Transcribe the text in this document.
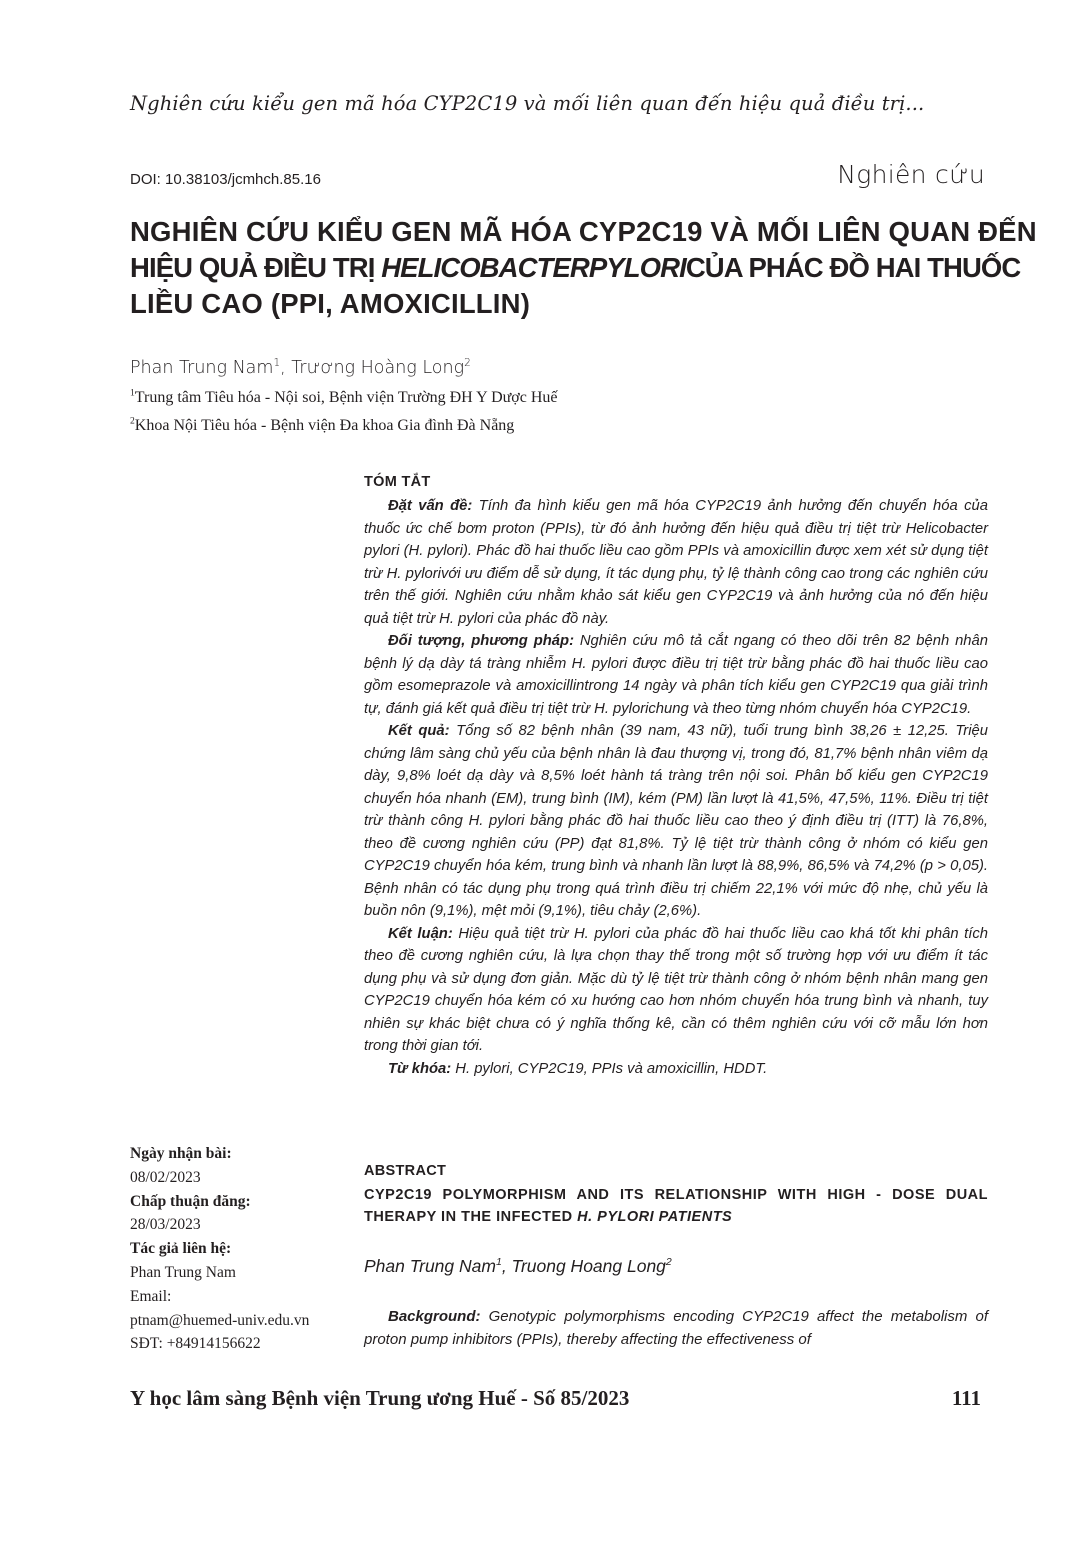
Nghiên cứu kiểu gen mã hóa CYP2C19 và mối liên quan đến hiệu quả điều trị...
DOI: 10.38103/jcmhch.85.16	Nghiên cứu
NGHIÊN CỨU KIỂU GEN MÃ HÓA CYP2C19 VÀ MỐI LIÊN QUAN ĐẾN
HIỆU QUẢ ĐIỀU TRỊ HELICOBACTERPYLORICỦA PHÁC ĐỒ HAI THUỐC
LIỀU CAO (PPI, AMOXICILLIN)
Phan Trung Nam$^1$, Trương Hoàng Long$^2$
$^1$Trung tâm Tiêu hóa - Nội soi, Bệnh viện Trường ĐH Y Dược Huế
$^2$Khoa Nội Tiêu hóa - Bệnh viện Đa khoa Gia đình Đà Nẵng
TÓM TẮT

Đặt vấn đề: Tính đa hình kiểu gen mã hóa CYP2C19 ảnh hưởng đến chuyển hóa của thuốc ức chế bơm proton (PPIs), từ đó ảnh hưởng đến hiệu quả điều trị tiệt trừ Helicobacter pylori (H. pylori). Phác đồ hai thuốc liều cao gồm PPIs và amoxicillin được xem xét sử dụng tiệt trừ H. pylorivới ưu điểm dễ sử dụng, ít tác dụng phụ, tỷ lệ thành công cao trong các nghiên cứu trên thế giới. Nghiên cứu nhằm khảo sát kiểu gen CYP2C19 và ảnh hưởng của nó đến hiệu quả tiệt trừ H. pylori của phác đồ này.

Đối tượng, phương pháp: Nghiên cứu mô tả cắt ngang có theo dõi trên 82 bệnh nhân bệnh lý dạ dày tá tràng nhiễm H. pylori được điều trị tiệt trừ bằng phác đồ hai thuốc liều cao gồm esomeprazole và amoxicillintrong 14 ngày và phân tích kiểu gen CYP2C19 qua giải trình tự, đánh giá kết quả điều trị tiệt trừ H. pylorichung và theo từng nhóm chuyển hóa CYP2C19.

Kết quả: Tổng số 82 bệnh nhân (39 nam, 43 nữ), tuổi trung bình 38,26 ± 12,25. Triệu chứng lâm sàng chủ yếu của bệnh nhân là đau thượng vị, trong đó, 81,7% bệnh nhân viêm dạ dày, 9,8% loét dạ dày và 8,5% loét hành tá tràng trên nội soi. Phân bố kiểu gen CYP2C19 chuyển hóa nhanh (EM), trung bình (IM), kém (PM) lần lượt là 41,5%, 47,5%, 11%. Điều trị tiệt trừ thành công H. pylori bằng phác đồ hai thuốc liều cao theo ý định điều trị (ITT) là 76,8%, theo đề cương nghiên cứu (PP) đạt 81,8%. Tỷ lệ tiệt trừ thành công ở nhóm có kiểu gen CYP2C19 chuyển hóa kém, trung bình và nhanh lần lượt là 88,9%, 86,5% và 74,2% (p > 0,05). Bệnh nhân có tác dụng phụ trong quá trình điều trị chiếm 22,1% với mức độ nhẹ, chủ yếu là buồn nôn (9,1%), mệt mỏi (9,1%), tiêu chảy (2,6%).

Kết luận: Hiệu quả tiệt trừ H. pylori của phác đồ hai thuốc liều cao khá tốt khi phân tích theo đề cương nghiên cứu, là lựa chọn thay thế trong một số trường hợp với ưu điểm ít tác dụng phụ và sử dụng đơn giản. Mặc dù tỷ lệ tiệt trừ thành công ở nhóm bệnh nhân mang gen CYP2C19 chuyển hóa kém có xu hướng cao hơn nhóm chuyển hóa trung bình và nhanh, tuy nhiên sự khác biệt chưa có ý nghĩa thống kê, cần có thêm nghiên cứu với cỡ mẫu lớn hơn trong thời gian tới.

Từ khóa: H. pylori, CYP2C19, PPIs và amoxicillin, HDDT.

Ngày nhận bài:
08/02/2023
Chấp thuận đăng:
28/03/2023
Tác giả liên hệ:
Phan Trung Nam
Email:
ptnam@huemed-univ.edu.vn
SĐT: +84914156622
ABSTRACT
CYP2C19 POLYMORPHISM AND ITS RELATIONSHIP WITH HIGH - DOSE DUAL THERAPY IN THE INFECTED H. PYLORI PATIENTS
Phan Trung Nam$^1$, Truong Hoang Long$^2$

Background: Genotypic polymorphisms encoding CYP2C19 affect the metabolism of proton pump inhibitors (PPIs), thereby affecting the effectiveness of

Y học lâm sàng Bệnh viện Trung ương Huế - Số 85/2023	111
